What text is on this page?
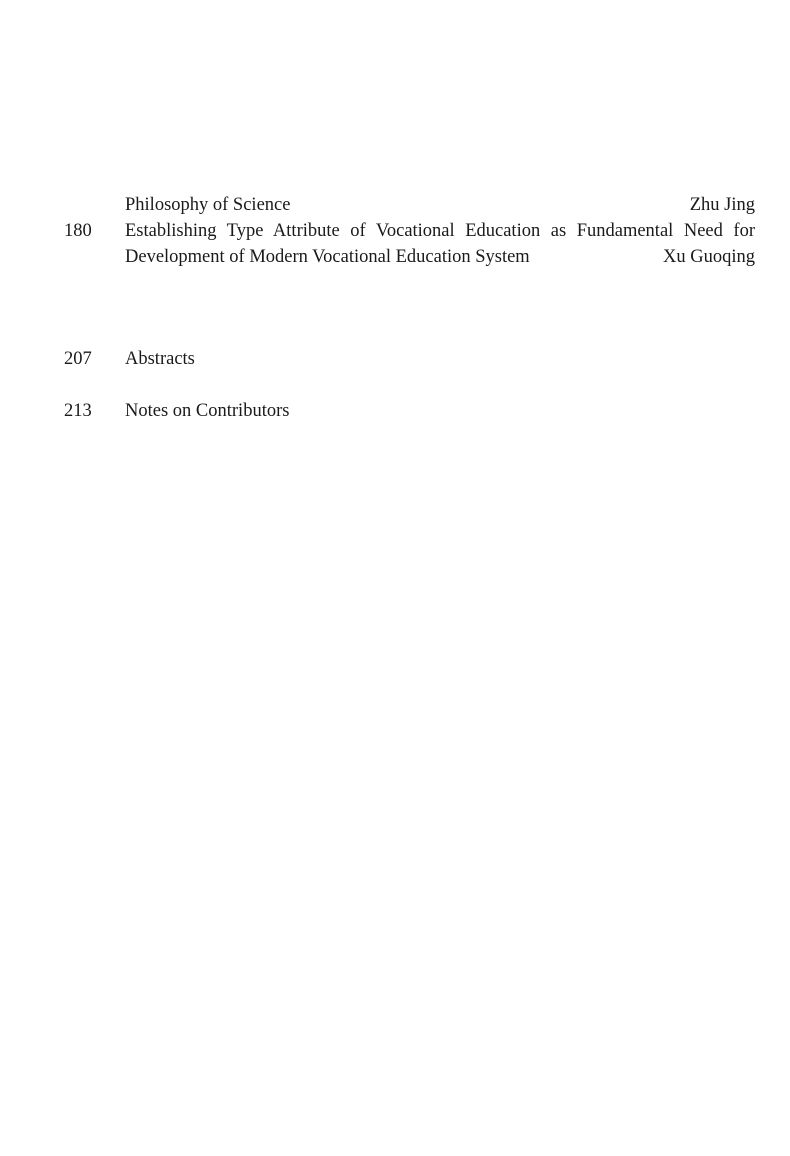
Philosophy of Science	Zhu Jing
180	Establishing Type Attribute of Vocational Education as Fundamental Need for
Development of Modern Vocational Education System	Xu Guoqing
207	Abstracts
213	Notes on Contributors
